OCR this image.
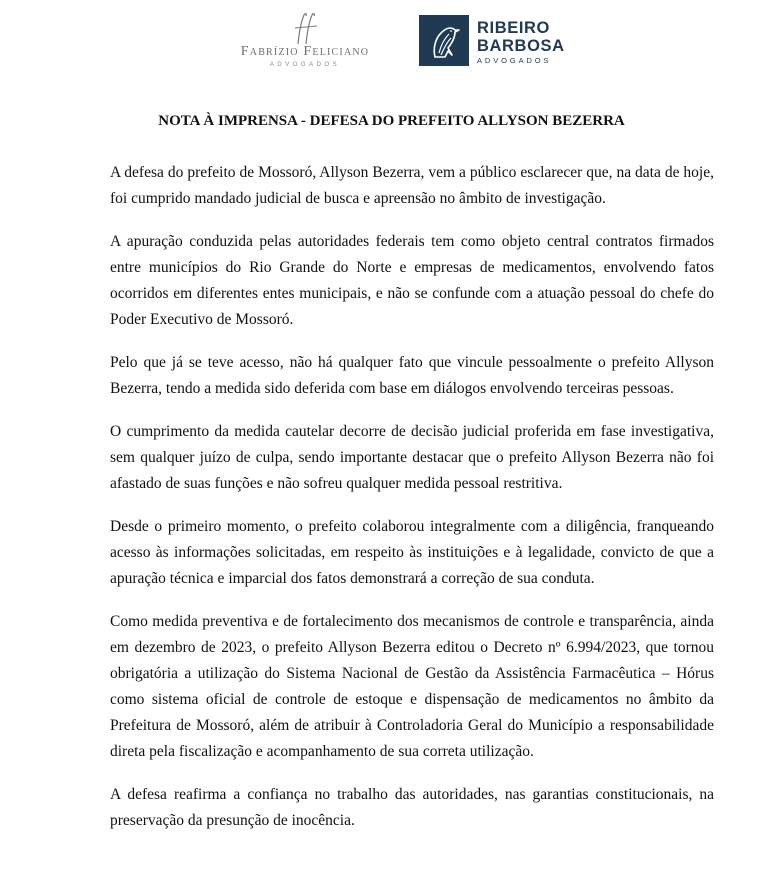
Fabrízio Feliciano
ADVOGADOS
RIBEIRO
BARBOSA
ADVOGADOS
NOTA À IMPRENSA - DEFESA DO PREFEITO ALLYSON BEZERRA

A defesa do prefeito de Mossoró, Allyson Bezerra, vem a público esclarecer que, na data de hoje, foi cumprido mandado judicial de busca e apreensão no âmbito de investigação.

A apuração conduzida pelas autoridades federais tem como objeto central contratos firmados entre municípios do Rio Grande do Norte e empresas de medicamentos, envolvendo fatos ocorridos em diferentes entes municipais, e não se confunde com a atuação pessoal do chefe do Poder Executivo de Mossoró.

Pelo que já se teve acesso, não há qualquer fato que vincule pessoalmente o prefeito Allyson Bezerra, tendo a medida sido deferida com base em diálogos envolvendo terceiras pessoas.

O cumprimento da medida cautelar decorre de decisão judicial proferida em fase investigativa, sem qualquer juízo de culpa, sendo importante destacar que o prefeito Allyson Bezerra não foi afastado de suas funções e não sofreu qualquer medida pessoal restritiva.

Desde o primeiro momento, o prefeito colaborou integralmente com a diligência, franqueando acesso às informações solicitadas, em respeito às instituições e à legalidade, convicto de que a apuração técnica e imparcial dos fatos demonstrará a correção de sua conduta.

Como medida preventiva e de fortalecimento dos mecanismos de controle e transparência, ainda em dezembro de 2023, o prefeito Allyson Bezerra editou o Decreto nº 6.994/2023, que tornou obrigatória a utilização do Sistema Nacional de Gestão da Assistência Farmacêutica – Hórus como sistema oficial de controle de estoque e dispensação de medicamentos no âmbito da Prefeitura de Mossoró, além de atribuir à Controladoria Geral do Município a responsabilidade direta pela fiscalização e acompanhamento de sua correta utilização.

A defesa reafirma a confiança no trabalho das autoridades, nas garantias constitucionais, na preservação da presunção de inocência.
